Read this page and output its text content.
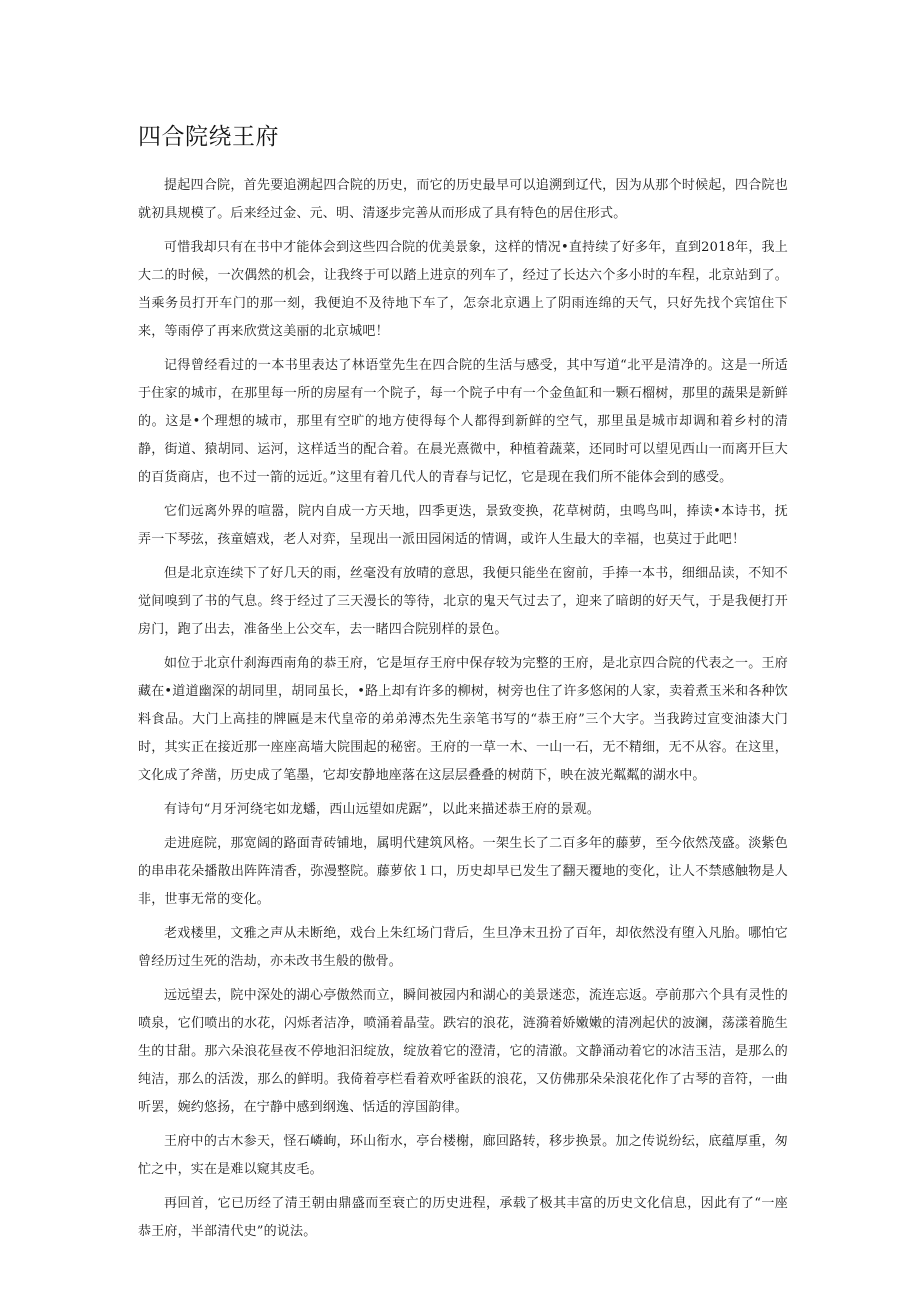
四合院绕王府

提起四合院，首先要追溯起四合院的历史，而它的历史最早可以追溯到辽代，因为从那个时候起，四合院也就初具规模了。后来经过金、元、明、清逐步完善从而形成了具有特色的居住形式。

可惜我却只有在书中才能体会到这些四合院的优美景象，这样的情况•直持续了好多年，直到2018年，我上大二的时候，一次偶然的机会，让我终于可以踏上进京的列车了，经过了长达六个多小时的车程，北京站到了。当乘务员打开车门的那一刻，我便迫不及待地下车了，怎奈北京遇上了阴雨连绵的天气，只好先找个宾馆住下来，等雨停了再来欣赏这美丽的北京城吧！

记得曾经看过的一本书里表达了林语堂先生在四合院的生活与感受，其中写道“北平是清净的。这是一所适于住家的城市，在那里每一所的房屋有一个院子，每一个院子中有一个金鱼缸和一颗石榴树，那里的蔬果是新鲜的。这是•个理想的城市，那里有空旷的地方使得每个人都得到新鲜的空气，那里虽是城市却调和着乡村的清静，街道、猿胡同、运河，这样适当的配合着。在晨光熹微中，种植着蔬菜，还同时可以望见西山一而离开巨大的百货商店，也不过一箭的远近。”这里有着几代人的青春与记忆，它是现在我们所不能体会到的感受。

它们远离外界的喧嚣，院内自成一方天地，四季更迭，景致变换，花草树荫，虫鸣鸟叫，捧读•本诗书，抚弄一下琴弦，孩童嬉戏，老人对弈，呈现出一派田园闲适的情调，或许人生最大的幸福，也莫过于此吧！

但是北京连续下了好几天的雨，丝毫没有放晴的意思，我便只能坐在窗前，手捧一本书，细细品读，不知不觉间嗅到了书的气息。终于经过了三天漫长的等待，北京的鬼天气过去了，迎来了暗朗的好天气，于是我便打开房门，跑了出去，准备坐上公交车，去一睹四合院别样的景色。

如位于北京什刹海西南角的恭王府，它是垣存王府中保存较为完整的王府，是北京四合院的代表之一。王府藏在•道道幽深的胡同里，胡同虽长，•路上却有许多的柳树，树旁也住了许多悠闲的人家，卖着煮玉米和各种饮料食品。大门上高挂的牌匾是末代皇帝的弟弟溥杰先生亲笔书写的“恭王府”三个大字。当我跨过宣变油漆大门时，其实正在接近那一座座高墙大院围起的秘密。王府的一草一木、一山一石，无不精细，无不从容。在这里，文化成了斧凿，历史成了笔墨，它却安静地座落在这层层叠叠的树荫下，映在波光粼粼的湖水中。

有诗句“月牙河绕宅如龙蟠，西山远望如虎踞”，以此来描述恭王府的景观。

走进庭院，那宽阔的路面青砖铺地，属明代建筑风格。一架生长了二百多年的藤萝，至今依然茂盛。淡紫色的串串花朵播散出阵阵清香，弥漫整院。藤萝依１口，历史却早已发生了翻天覆地的变化，让人不禁感触物是人非，世事无常的变化。

老戏楼里，文雅之声从未断绝，戏台上朱红场门背后，生旦净末丑扮了百年，却依然没有堕入凡胎。哪怕它曾经历过生死的浩劫，亦未改书生般的傲骨。

远远望去，院中深处的湖心亭傲然而立，瞬间被园内和湖心的美景迷恋，流连忘返。亭前那六个具有灵性的喷泉，它们喷出的水花，闪烁者洁净，喷涌着晶莹。跌宕的浪花，涟漪着娇嫩嫩的清冽起伏的波澜，荡漾着脆生生的甘甜。那六朵浪花昼夜不停地汩汩绽放，绽放着它的澄清，它的清澈。文静涌动着它的冰洁玉洁，是那么的纯洁，那么的活泼，那么的鲜明。我倚着亭栏看着欢呼雀跃的浪花，又仿佛那朵朵浪花化作了古琴的音符，一曲听罢，婉约悠扬，在宁静中感到纲逸、恬适的淳国韵律。

王府中的古木参天，怪石嶙峋，环山衔水，亭台楼榭，廊回路转，移步换景。加之传说纷纭，底蕴厚重，匆忙之中，实在是难以窥其皮毛。

再回首，它已历经了清王朝由鼎盛而至衰亡的历史进程，承载了极其丰富的历史文化信息，因此有了“一座恭王府，半部清代史”的说法。
